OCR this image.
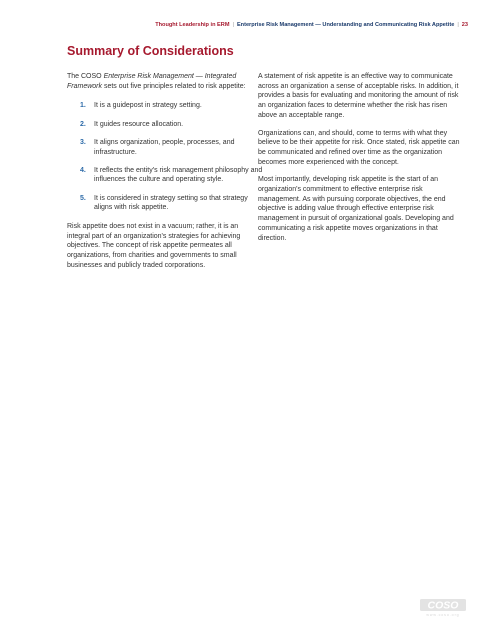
Thought Leadership in ERM | Enterprise Risk Management — Understanding and Communicating Risk Appetite | 23
Summary of Considerations

The COSO Enterprise Risk Management — Integrated Framework sets out five principles related to risk appetite:

1. It is a guidepost in strategy setting.
2. It guides resource allocation.
3. It aligns organization, people, processes, and infrastructure.
4. It reflects the entity's risk management philosophy and influences the culture and operating style.
5. It is considered in strategy setting so that strategy aligns with risk appetite.

Risk appetite does not exist in a vacuum; rather, it is an integral part of an organization's strategies for achieving objectives. The concept of risk appetite permeates all organizations, from charities and governments to small businesses and publicly traded corporations.

A statement of risk appetite is an effective way to communicate across an organization a sense of acceptable risks. In addition, it provides a basis for evaluating and monitoring the amount of risk an organization faces to determine whether the risk has risen above an acceptable range.

Organizations can, and should, come to terms with what they believe to be their appetite for risk. Once stated, risk appetite can be communicated and refined over time as the organization becomes more experienced with the concept.

Most importantly, developing risk appetite is the start of an organization's commitment to effective enterprise risk management. As with pursuing corporate objectives, the end objective is adding value through effective enterprise risk management in pursuit of organizational goals. Developing and communicating a risk appetite moves organizations in that direction.

COSO
www.coso.org
